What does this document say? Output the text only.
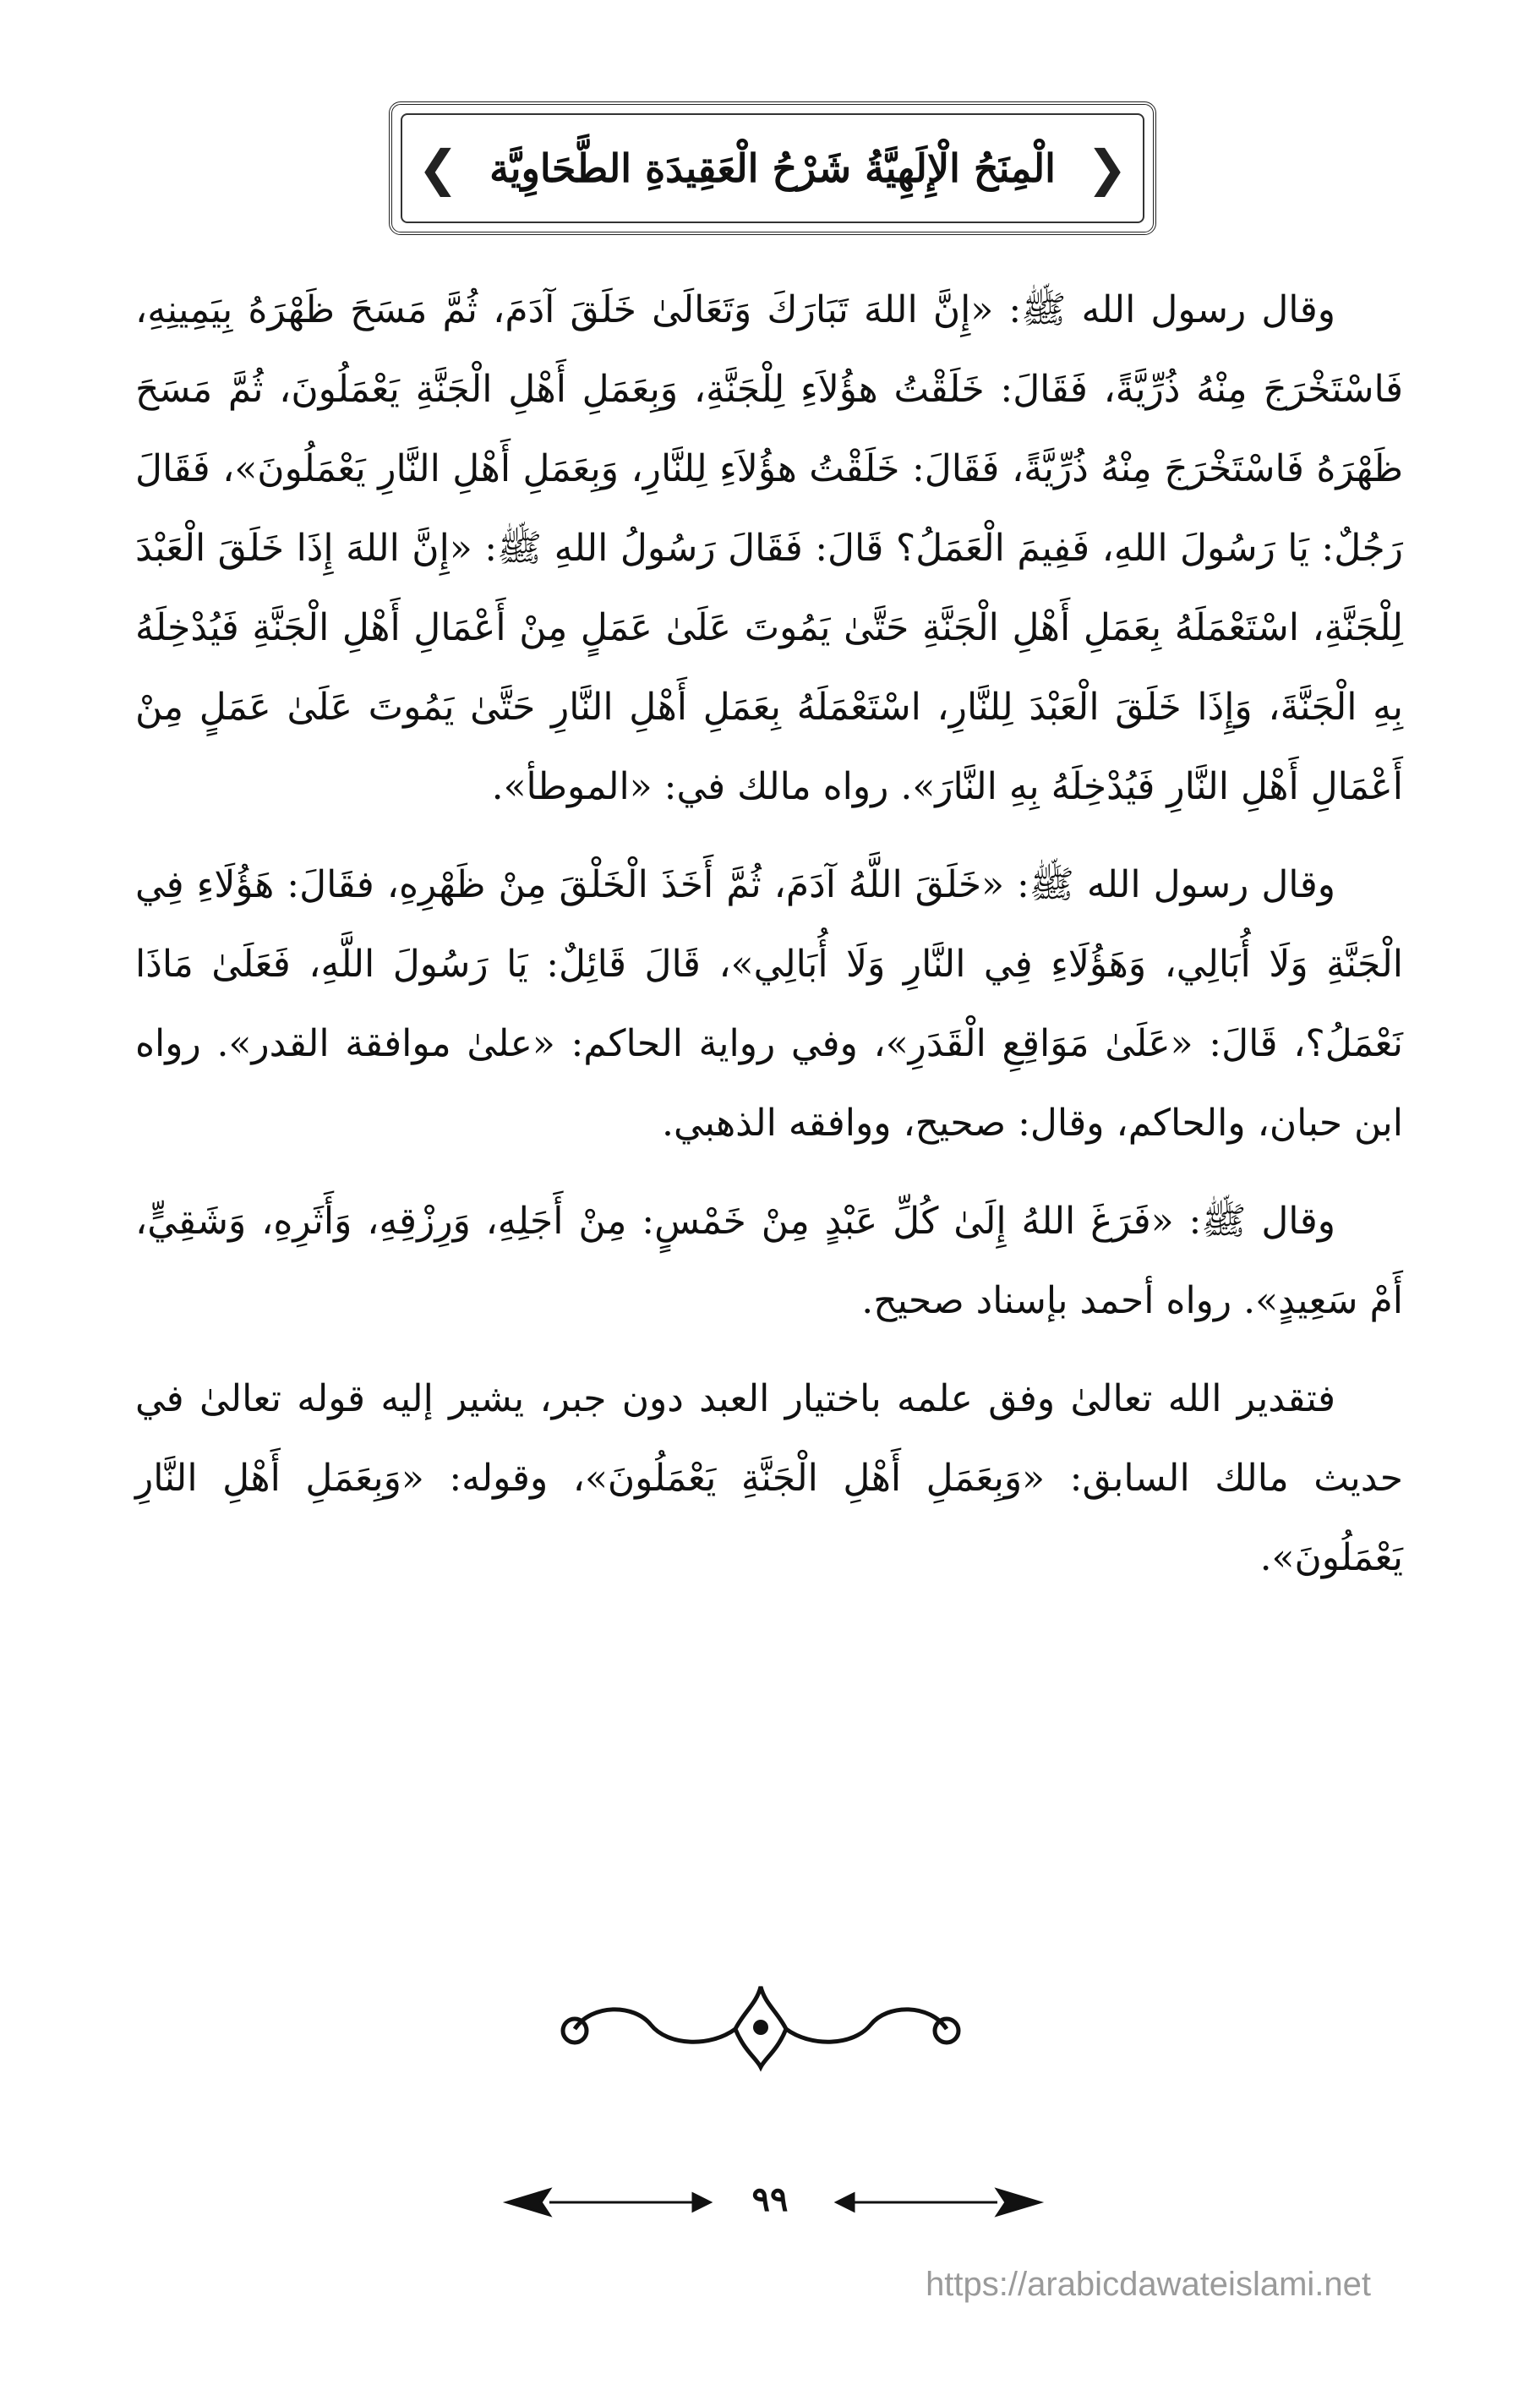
❮ الْمِنَحُ الْإِلَهِيَّةُ شَرْحُ الْعَقِيدَةِ الطَّحَاوِيَّة ❯

وقال رسول الله ﷺ: «إِنَّ اللهَ تَبَارَكَ وَتَعَالَىٰ خَلَقَ آدَمَ، ثُمَّ مَسَحَ ظَهْرَهُ بِيَمِينِهِ، فَاسْتَخْرَجَ مِنْهُ ذُرِّيَّةً، فَقَالَ: خَلَقْتُ هؤُلاَءِ لِلْجَنَّةِ، وَبِعَمَلِ أَهْلِ الْجَنَّةِ يَعْمَلُونَ، ثُمَّ مَسَحَ ظَهْرَهُ فَاسْتَخْرَجَ مِنْهُ ذُرِّيَّةً، فَقَالَ: خَلَقْتُ هؤُلاَءِ لِلنَّارِ، وَبِعَمَلِ أَهْلِ النَّارِ يَعْمَلُونَ»، فَقَالَ رَجُلٌ: يَا رَسُولَ اللهِ، فَفِيمَ الْعَمَلُ؟ قَالَ: فَقَالَ رَسُولُ اللهِ ﷺ: «إِنَّ اللهَ إِذَا خَلَقَ الْعَبْدَ لِلْجَنَّةِ، اسْتَعْمَلَهُ بِعَمَلِ أَهْلِ الْجَنَّةِ حَتَّىٰ يَمُوتَ عَلَىٰ عَمَلٍ مِنْ أَعْمَالِ أَهْلِ الْجَنَّةِ فَيُدْخِلَهُ بِهِ الْجَنَّةَ، وَإِذَا خَلَقَ الْعَبْدَ لِلنَّارِ، اسْتَعْمَلَهُ بِعَمَلِ أَهْلِ النَّارِ حَتَّىٰ يَمُوتَ عَلَىٰ عَمَلٍ مِنْ أَعْمَالِ أَهْلِ النَّارِ فَيُدْخِلَهُ بِهِ النَّارَ». رواه مالك في: «الموطأ».

وقال رسول الله ﷺ: «خَلَقَ اللَّهُ آدَمَ، ثُمَّ أَخَذَ الْخَلْقَ مِنْ ظَهْرِهِ، فقَالَ: هَؤُلَاءِ فِي الْجَنَّةِ وَلَا أُبَالِي، وَهَؤُلَاءِ فِي النَّارِ وَلَا أُبَالِي»، قَالَ قَائِلٌ: يَا رَسُولَ اللَّهِ، فَعَلَىٰ مَاذَا نَعْمَلُ؟، قَالَ: «عَلَىٰ مَوَاقِعِ الْقَدَرِ»، وفي رواية الحاكم: «علىٰ موافقة القدر». رواه ابن حبان، والحاكم، وقال: صحيح، ووافقه الذهبي.

وقال ﷺ: «فَرَغَ اللهُ إِلَىٰ كُلِّ عَبْدٍ مِنْ خَمْسٍ: مِنْ أَجَلِهِ، وَرِزْقِهِ، وَأَثَرِهِ، وَشَقِيٍّ، أَمْ سَعِيدٍ». رواه أحمد بإسناد صحيح.

فتقدير الله تعالىٰ وفق علمه باختيار العبد دون جبر، يشير إليه قوله تعالىٰ في حديث مالك السابق: «وَبِعَمَلِ أَهْلِ الْجَنَّةِ يَعْمَلُونَ»، وقوله: «وَبِعَمَلِ أَهْلِ النَّارِ يَعْمَلُونَ».

٩٩
https://arabicdawateislami.net
